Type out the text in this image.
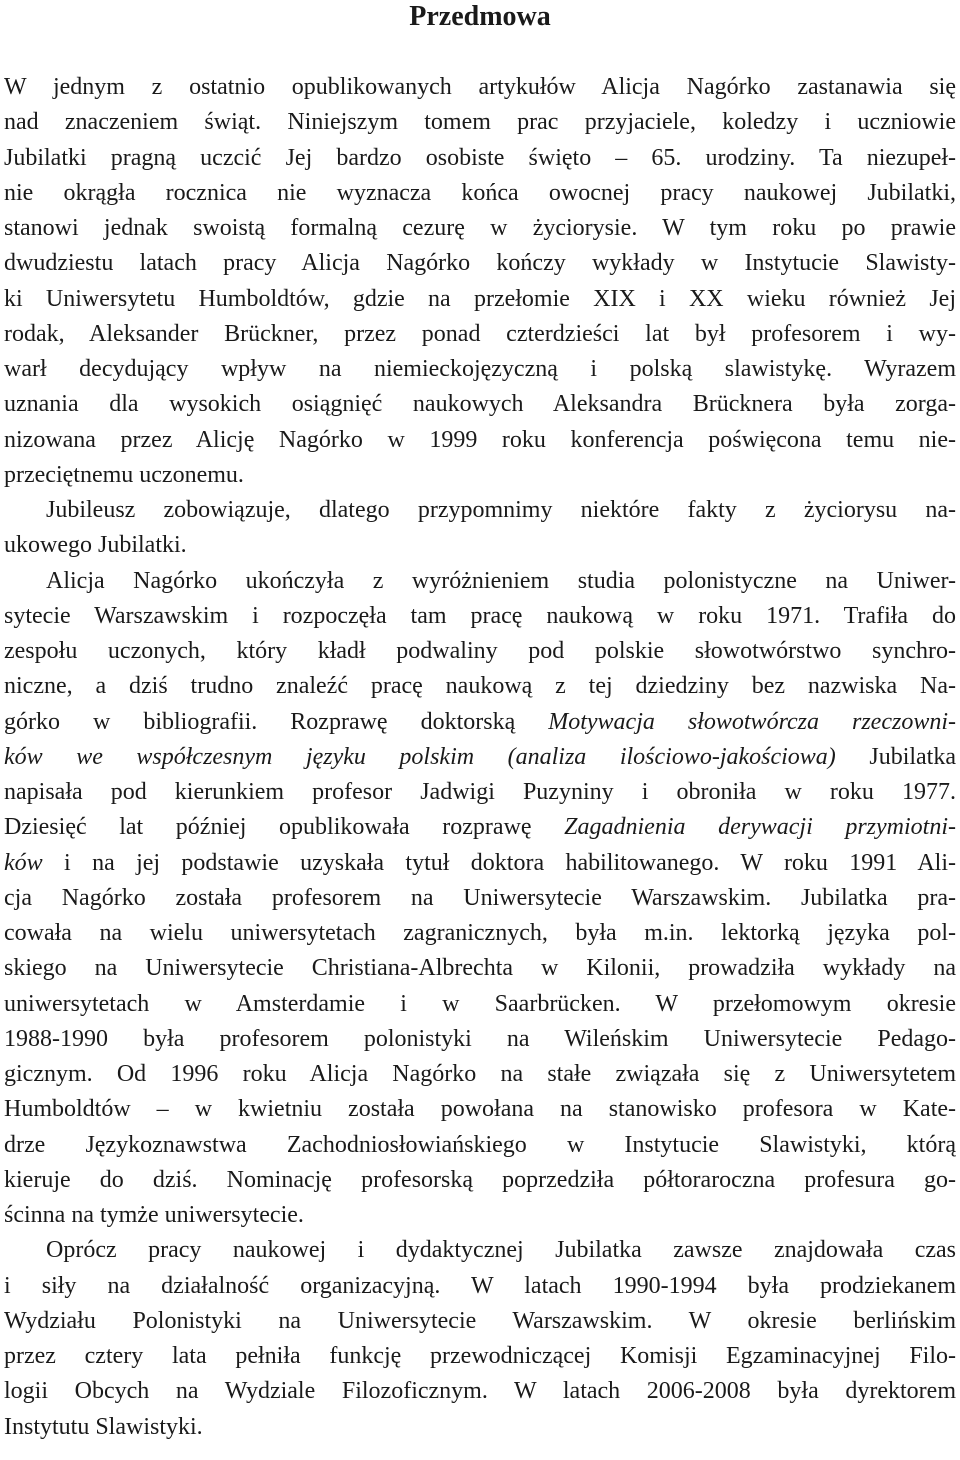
Przedmowa
W jednym z ostatnio opublikowanych artykułów Alicja Nagórko zastanawia się
nad znaczeniem świąt. Niniejszym tomem prac przyjaciele, koledzy i uczniowie
Jubilatki pragną uczcić Jej bardzo osobiste święto – 65. urodziny. Ta niezupeł-
nie okrągła rocznica nie wyznacza końca owocnej pracy naukowej Jubilatki,
stanowi jednak swoistą formalną cezurę w życiorysie. W tym roku po prawie
dwudziestu latach pracy Alicja Nagórko kończy wykłady w Instytucie Slawisty-
ki Uniwersytetu Humboldtów, gdzie na przełomie XIX i XX wieku również Jej
rodak, Aleksander Brückner, przez ponad czterdzieści lat był profesorem i wy-
warł decydujący wpływ na niemieckojęzyczną i polską slawistykę. Wyrazem
uznania dla wysokich osiągnięć naukowych Aleksandra Brücknera była zorga-
nizowana przez Alicję Nagórko w 1999 roku konferencja poświęcona temu nie-
przeciętnemu uczonemu.
Jubileusz zobowiązuje, dlatego przypomnimy niektóre fakty z życiorysu na-
ukowego Jubilatki.
Alicja Nagórko ukończyła z wyróżnieniem studia polonistyczne na Uniwer-
sytecie Warszawskim i rozpoczęła tam pracę naukową w roku 1971. Trafiła do
zespołu uczonych, który kładł podwaliny pod polskie słowotwórstwo synchro-
niczne, a dziś trudno znaleźć pracę naukową z tej dziedziny bez nazwiska Na-
górko w bibliografii. Rozprawę doktorską Motywacja słowotwórcza rzeczowni-
ków we współczesnym języku polskim (analiza ilościowo-jakościowa) Jubilatka
napisała pod kierunkiem profesor Jadwigi Puzyniny i obroniła w roku 1977.
Dziesięć lat później opublikowała rozprawę Zagadnienia derywacji przymiotni-
ków i na jej podstawie uzyskała tytuł doktora habilitowanego. W roku 1991 Ali-
cja Nagórko została profesorem na Uniwersytecie Warszawskim. Jubilatka pra-
cowała na wielu uniwersytetach zagranicznych, była m.in. lektorką języka pol-
skiego na Uniwersytecie Christiana-Albrechta w Kilonii, prowadziła wykłady na
uniwersytetach w Amsterdamie i w Saarbrücken. W przełomowym okresie
1988-1990 była profesorem polonistyki na Wileńskim Uniwersytecie Pedago-
gicznym. Od 1996 roku Alicja Nagórko na stałe związała się z Uniwersytetem
Humboldtów – w kwietniu została powołana na stanowisko profesora w Kate-
drze Językoznawstwa Zachodniosłowiańskiego w Instytucie Slawistyki, którą
kieruje do dziś. Nominację profesorską poprzedziła półtoraroczna profesura go-
ścinna na tymże uniwersytecie.
Oprócz pracy naukowej i dydaktycznej Jubilatka zawsze znajdowała czas
i siły na działalność organizacyjną. W latach 1990-1994 była prodziekanem
Wydziału Polonistyki na Uniwersytecie Warszawskim. W okresie berlińskim
przez cztery lata pełniła funkcję przewodniczącej Komisji Egzaminacyjnej Filo-
logii Obcych na Wydziale Filozoficznym. W latach 2006-2008 była dyrektorem
Instytutu Slawistyki.
